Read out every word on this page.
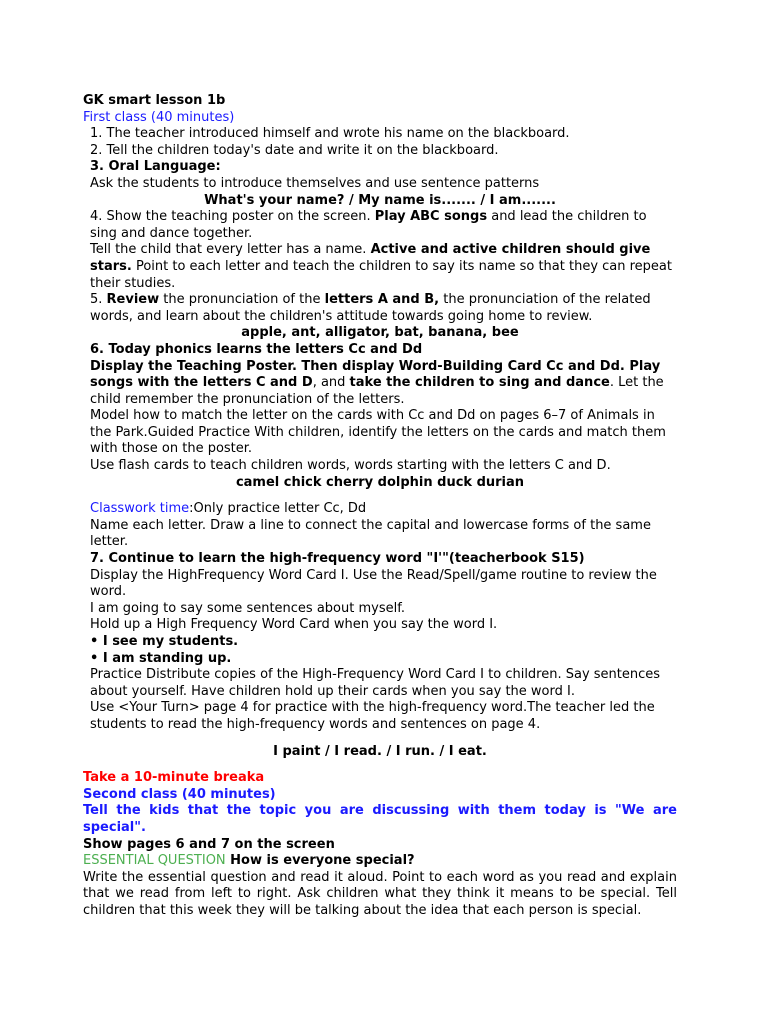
GK smart lesson 1b

First class (40 minutes)

1. The teacher introduced himself and wrote his name on the blackboard.

2. Tell the children today's date and write it on the blackboard.

3. Oral Language:

Ask the students to introduce themselves and use sentence patterns

What's your name? / My name is....... / I am.......

4. Show the teaching poster on the screen. Play ABC songs and lead the children to sing and dance together.

Tell the child that every letter has a name. Active and active children should give stars. Point to each letter and teach the children to say its name so that they can repeat their studies.

5. Review the pronunciation of the letters A and B, the pronunciation of the related words, and learn about the children's attitude towards going home to review.

apple, ant, alligator, bat, banana, bee

6. Today phonics learns the letters Cc and Dd

Display the Teaching Poster. Then display Word-Building Card Cc and Dd. Play songs with the letters C and D, and take the children to sing and dance. Let the child remember the pronunciation of the letters.

Model how to match the letter on the cards with Cc and Dd on pages 6–7 of Animals in the Park.Guided Practice With children, identify the letters on the cards and match them with those on the poster.

Use flash cards to teach children words, words starting with the letters C and D.

camel chick cherry dolphin duck durian

Classwork time:Only practice letter Cc, Dd

Name each letter. Draw a line to connect the capital and lowercase forms of the same letter.

7. Continue to learn the high-frequency word "I'"(teacherbook S15)

Display the HighFrequency Word Card I. Use the Read/Spell/game routine to review the word.

I am going to say some sentences about myself.

Hold up a High Frequency Word Card when you say the word I.

• I see my students.

• I am standing up.

Practice Distribute copies of the High-Frequency Word Card I to children. Say sentences about yourself. Have children hold up their cards when you say the word I.

Use <Your Turn> page 4 for practice with the high-frequency word.The teacher led the students to read the high-frequency words and sentences on page 4.

I paint / I read. / I run. / I eat.

Take a 10-minute breaka

Second class (40 minutes)

Tell the kids that the topic you are discussing with them today is "We are special".

Show pages 6 and 7 on the screen

ESSENTIAL QUESTION How is everyone special?

Write the essential question and read it aloud. Point to each word as you read and explain that we read from left to right. Ask children what they think it means to be special. Tell children that this week they will be talking about the idea that each person is special.
